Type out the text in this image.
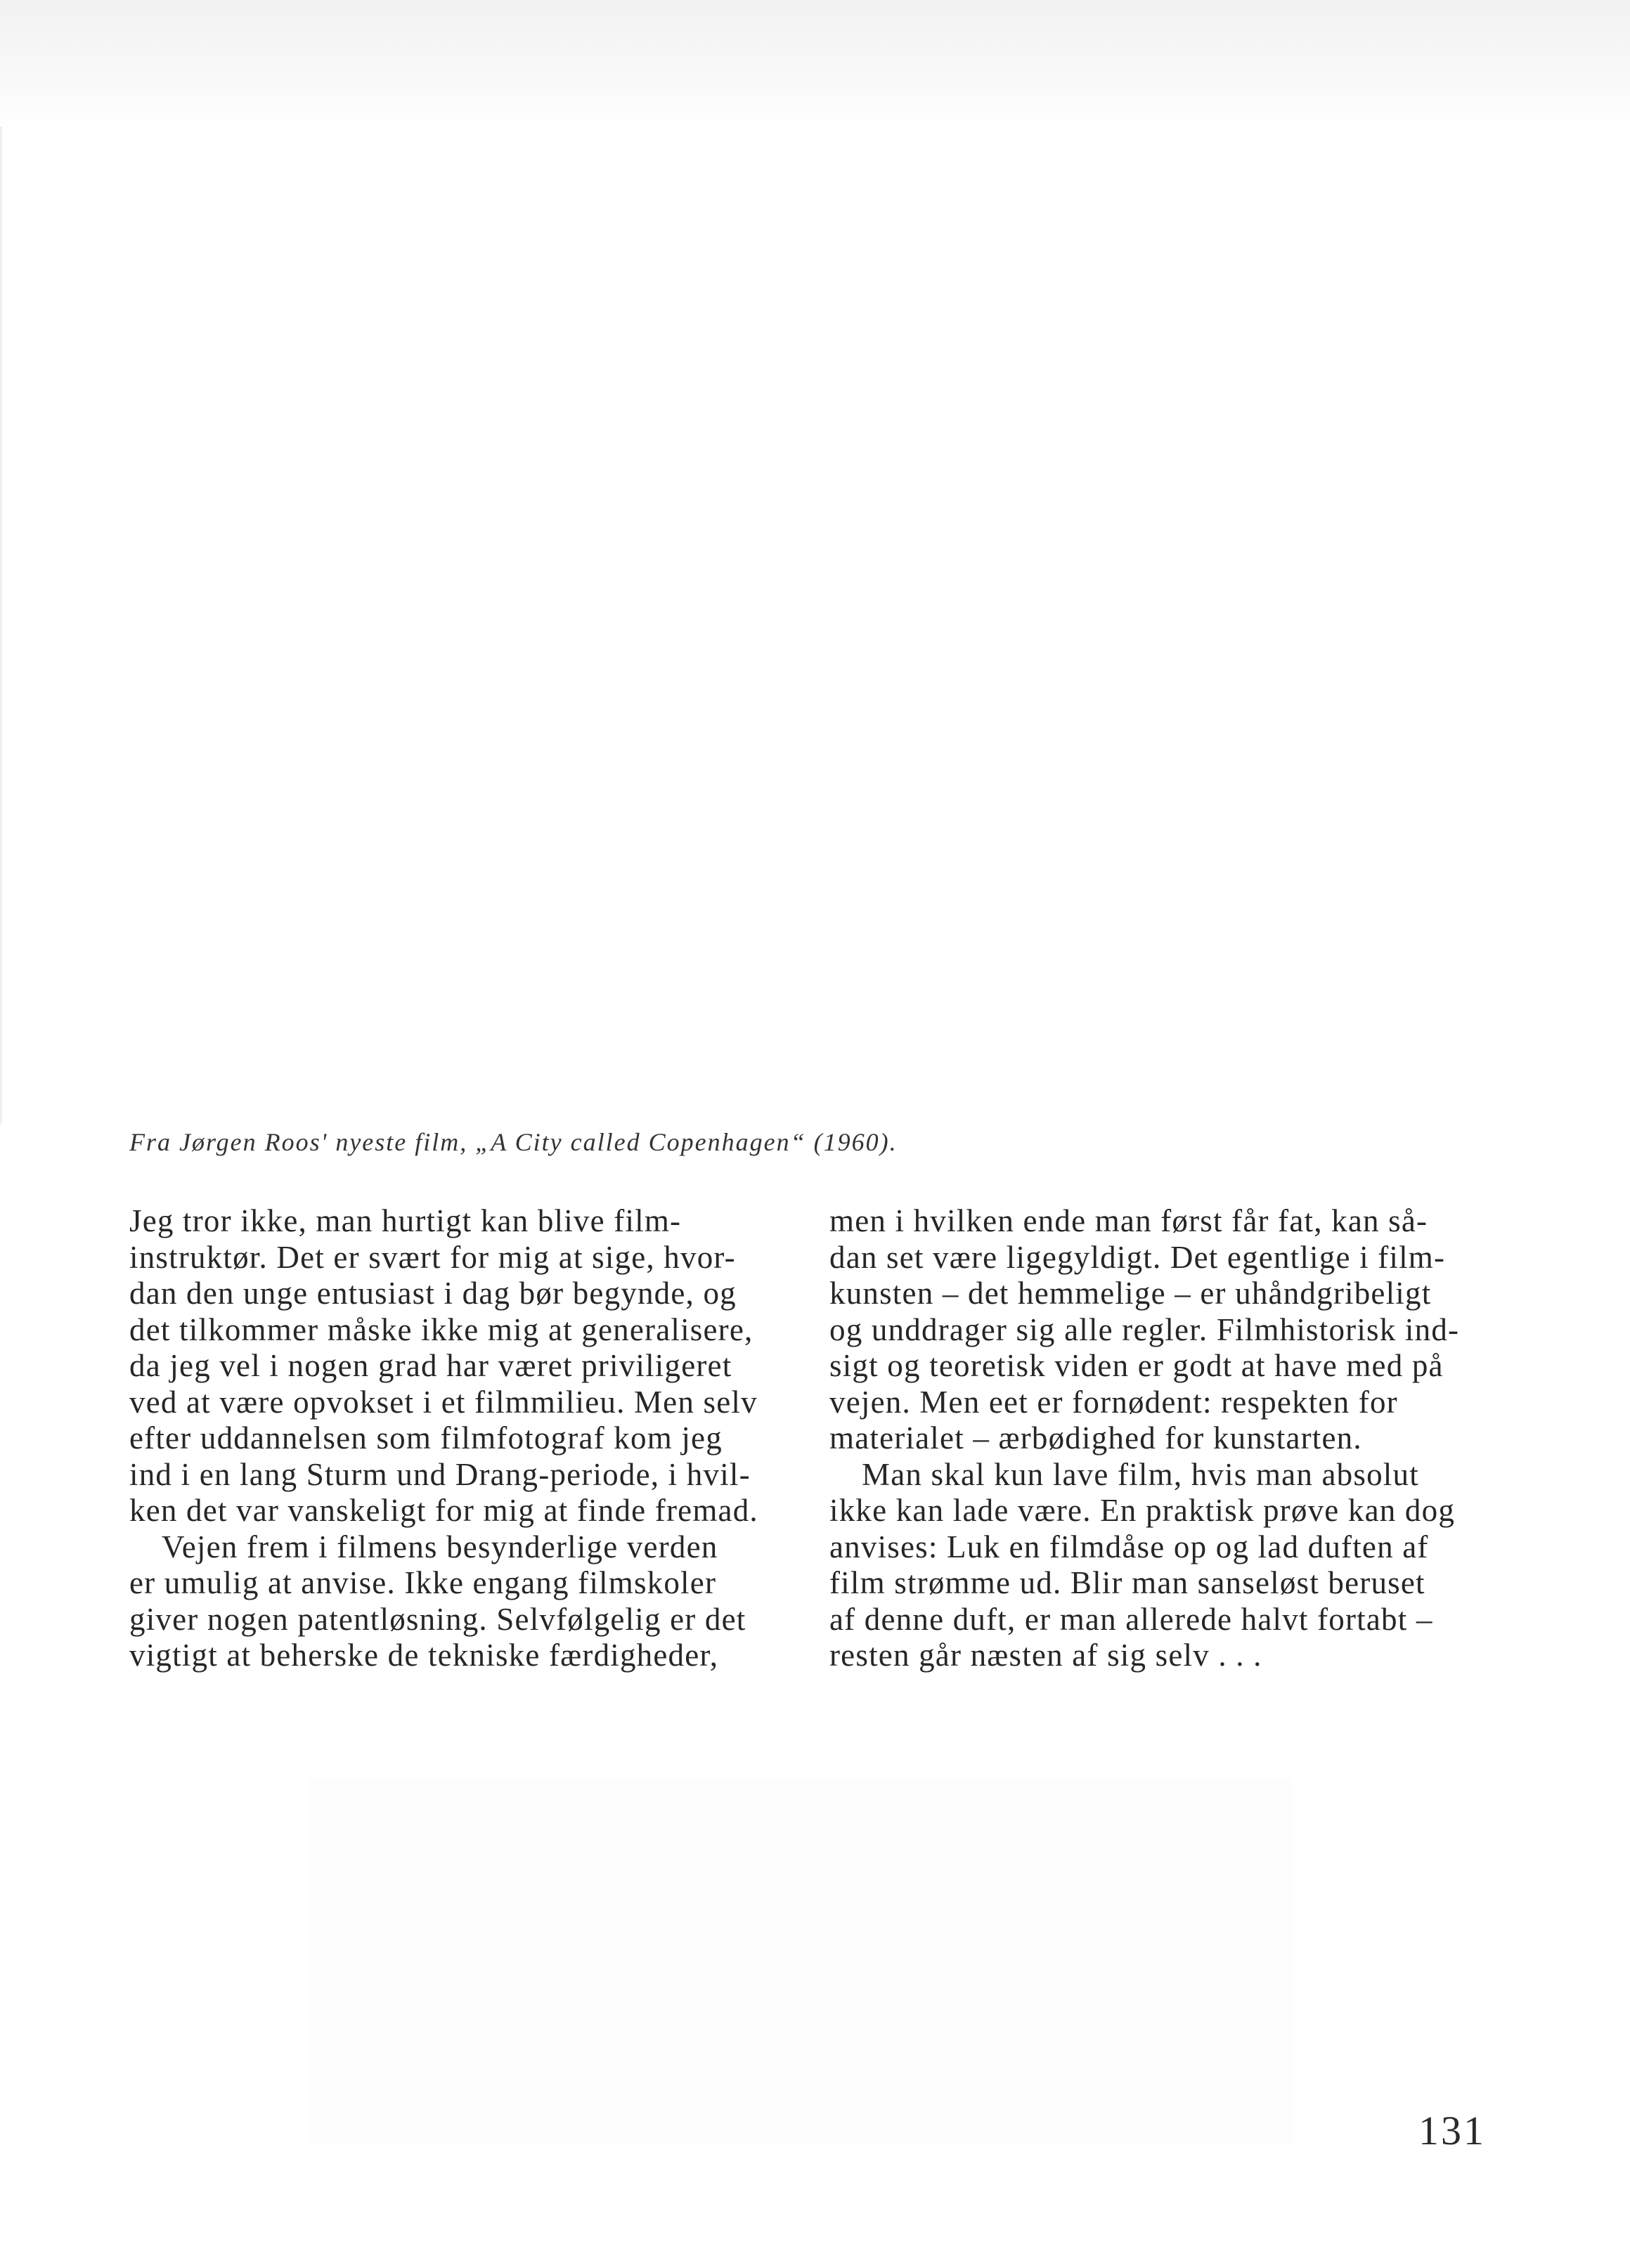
Fra Jørgen Roos' nyeste film, „A City called Copenhagen“ (1960).

Jeg tror ikke, man hurtigt kan blive film-
instruktør. Det er svært for mig at sige, hvor-
dan den unge entusiast i dag bør begynde, og
det tilkommer måske ikke mig at generalisere,
da jeg vel i nogen grad har været priviligeret
ved at være opvokset i et filmmilieu. Men selv
efter uddannelsen som filmfotograf kom jeg
ind i en lang Sturm und Drang-periode, i hvil-
ken det var vanskeligt for mig at finde fremad.

Vejen frem i filmens besynderlige verden
er umulig at anvise. Ikke engang filmskoler
giver nogen patentløsning. Selvfølgelig er det
vigtigt at beherske de tekniske færdigheder,

men i hvilken ende man først får fat, kan så-
dan set være ligegyldigt. Det egentlige i film-
kunsten – det hemmelige – er uhåndgribeligt
og unddrager sig alle regler. Filmhistorisk ind-
sigt og teoretisk viden er godt at have med på
vejen. Men eet er fornødent: respekten for
materialet – ærbødighed for kunstarten.

Man skal kun lave film, hvis man absolut
ikke kan lade være. En praktisk prøve kan dog
anvises: Luk en filmdåse op og lad duften af
film strømme ud. Blir man sanseløst beruset
af denne duft, er man allerede halvt fortabt –
resten går næsten af sig selv . . .

131
